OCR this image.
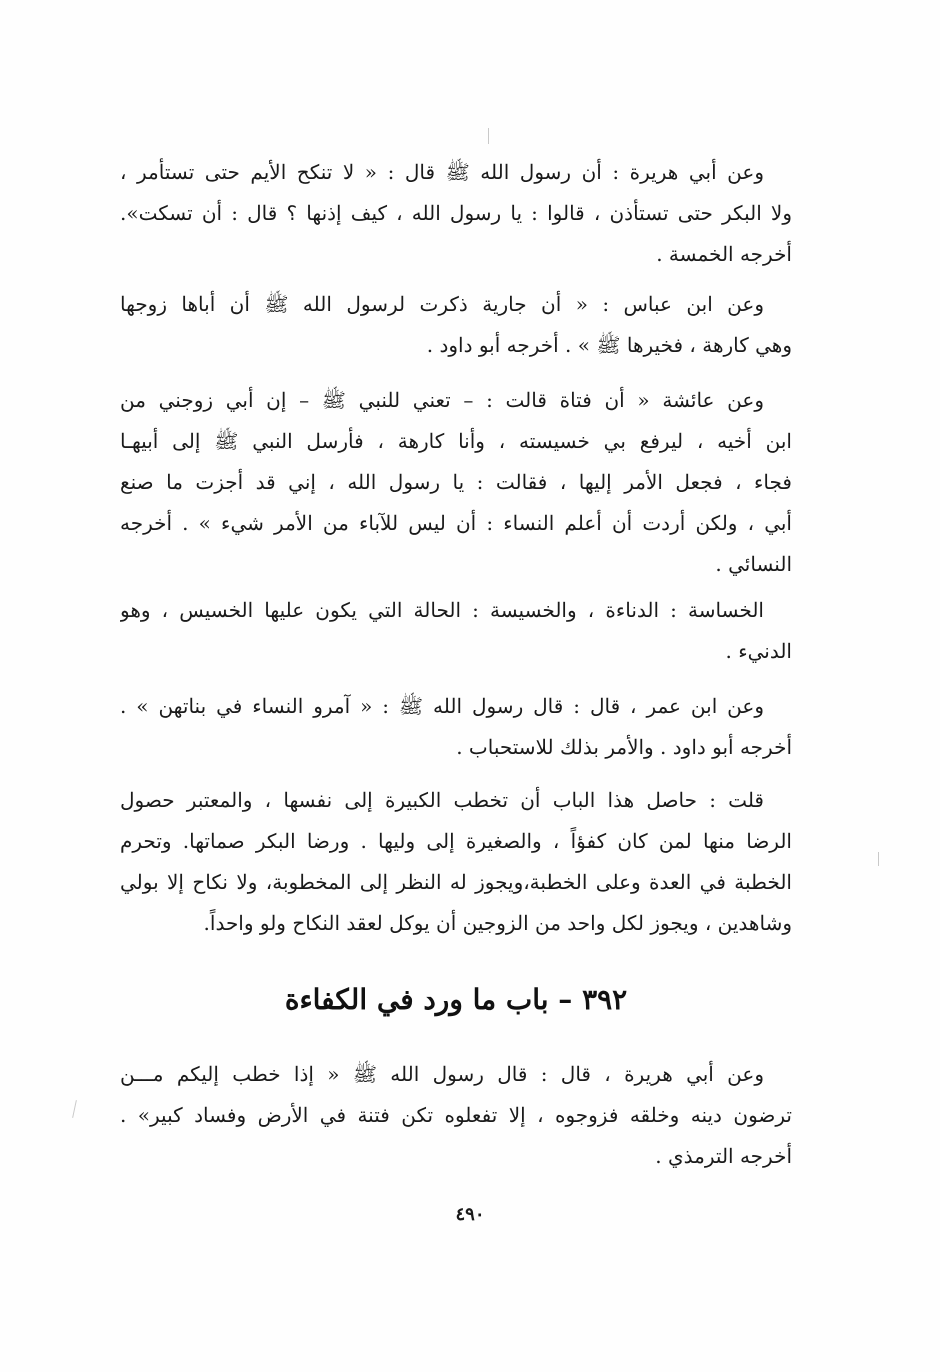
وعن أبي هريرة : أن رسول الله ﷺ قال : « لا تنكح الأيم حتى تستأمر ،
ولا البكر حتى تستأذن ، قالوا : يا رسول الله ، كيف إذنها ؟ قال : أن تسكت».
أخرجه الخمسة .
وعن ابن عباس : « أن جارية ذكرت لرسول الله ﷺ أن أباها زوجها
وهي كارهة ، فخيرها ﷺ » . أخرجه أبو داود .
وعن عائشة « أن فتاة قالت : – تعني للنبي ﷺ – إن أبي زوجني من
ابن أخيه ، ليرفع بي خسيسته ، وأنا كارهة ، فأرسل النبي ﷺ إلى أبيهـا
فجاء ، فجعل الأمر إليها ، فقالت : يا رسول الله ، إني قد أجزت ما صنع
أبي ، ولكن أردت أن أعلم النساء : أن ليس للآباء من الأمر شيء » . أخرجه
النسائي .
الخساسة : الدناءة ، والخسيسة : الحالة التي يكون عليها الخسيس ، وهو
الدنيء .
وعن ابن عمر ، قال : قال رسول الله ﷺ : « آمرو النساء في بناتهن » .
أخرجه أبو داود . والأمر بذلك للاستحباب .
قلت : حاصل هذا الباب أن تخطب الكبيرة إلى نفسها ، والمعتبر حصول
الرضا منها لمن كان كفؤاً ، والصغيرة إلى وليها . ورضا البكر صماتها. وتحرم
الخطبة في العدة وعلى الخطبة،ويجوز له النظر إلى المخطوبة، ولا نكاح إلا بولي
وشاهدين ، ويجوز لكل واحد من الزوجين أن يوكل لعقد النكاح ولو واحداً.
٣٩٢ – باب ما ورد في الكفاءة
وعن أبي هريرة ، قال : قال رسول الله ﷺ « إذا خطب إليكم مـــن
ترضون دينه وخلقه فزوجوه ، إلا تفعلوه تكن فتنة في الأرض وفساد كبير» .
أخرجه الترمذي .
٤٩٠
